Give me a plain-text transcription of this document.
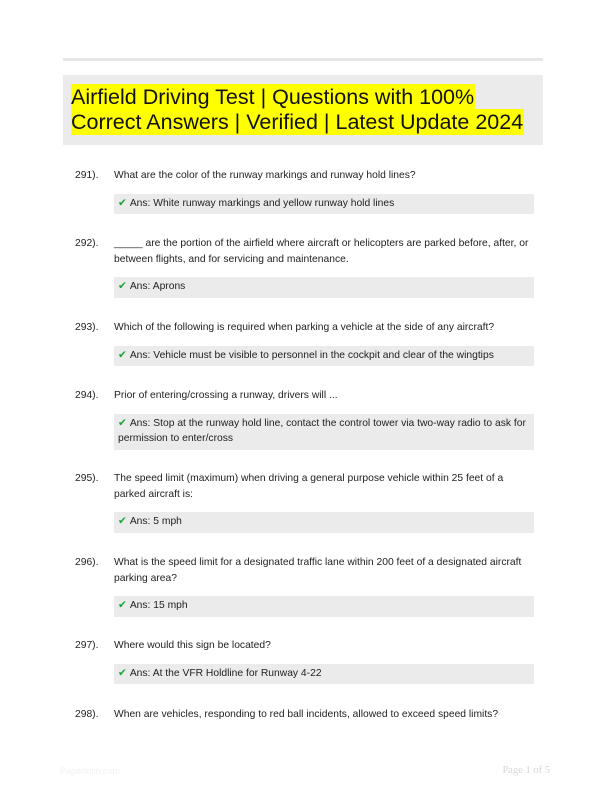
Airfield Driving Test | Questions with 100%
Correct Answers | Verified | Latest Update 2024
291).	What are the color of the runway markings and runway hold lines?
✔ Ans: White runway markings and yellow runway hold lines
292).	_____ are the portion of the airfield where aircraft or helicopters are parked before, after, or between flights, and for servicing and maintenance.
✔ Ans: Aprons
293).	Which of the following is required when parking a vehicle at the side of any aircraft?
✔ Ans: Vehicle must be visible to personnel in the cockpit and clear of the wingtips
294).	Prior of entering/crossing a runway, drivers will ...
✔ Ans: Stop at the runway hold line, contact the control tower via two-way radio to ask for permission to enter/cross
295).	The speed limit (maximum) when driving a general purpose vehicle within 25 feet of a parked aircraft is:
✔ Ans: 5 mph
296).	What is the speed limit for a designated traffic lane within 200 feet of a designated aircraft parking area?
✔ Ans: 15 mph
297).	Where would this sign be located?
✔ Ans: At the VFR Holdline for Runway 4-22
298).	When are vehicles, responding to red ball incidents, allowed to exceed speed limits?
Paperfolio.com	Page 1 of 5
